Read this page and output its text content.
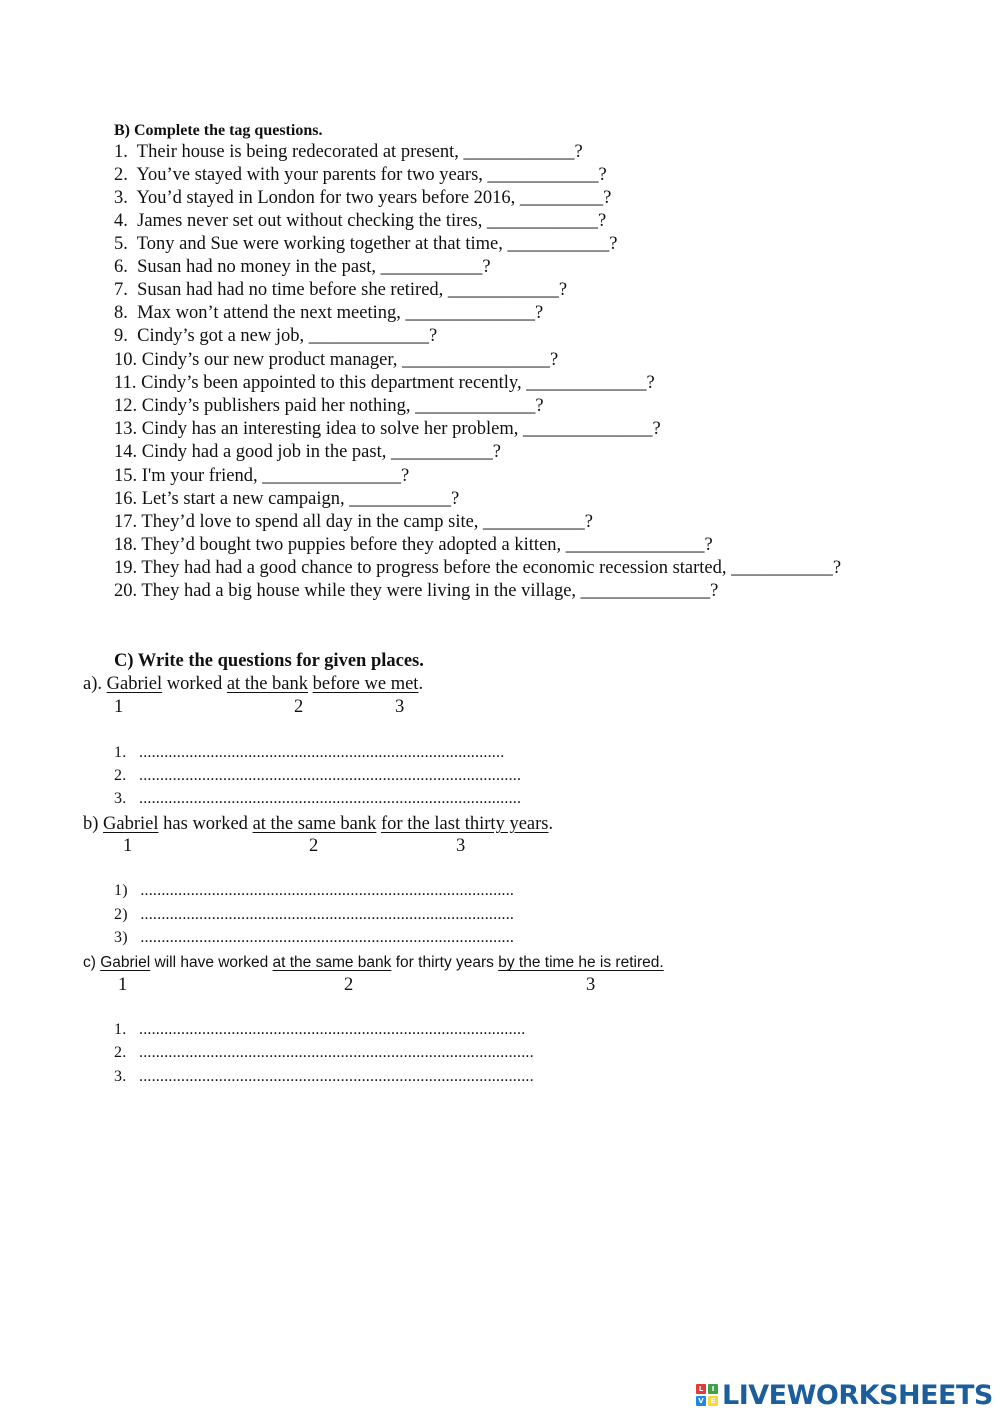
B) Complete the tag questions.
1.  Their house is being redecorated at present, ____________?
2.  You’ve stayed with your parents for two years, ____________?
3.  You’d stayed in London for two years before 2016, _________?
4.  James never set out without checking the tires, ____________?
5.  Tony and Sue were working together at that time, ___________?
6.  Susan had no money in the past, ___________?
7.  Susan had had no time before she retired, ____________?
8.  Max won’t attend the next meeting, ______________?
9.  Cindy’s got a new job, _____________?
10. Cindy’s our new product manager, ________________?
11. Cindy’s been appointed to this department recently, _____________?
12. Cindy’s publishers paid her nothing, _____________?
13. Cindy has an interesting idea to solve her problem, ______________?
14. Cindy had a good job in the past, ___________?
15. I'm your friend, _______________?
16. Let’s start a new campaign, ___________?
17. They’d love to spend all day in the camp site, ___________?
18. They’d bought two puppies before they adopted a kitten, _______________?
19. They had had a good chance to progress before the economic recession started, ___________?
20. They had a big house while they were living in the village, ______________?
C) Write the questions for given places.
a). Gabriel worked at the bank before we met.
1	2	3
1.   .......................................................................................
2.   ...........................................................................................
3.   ...........................................................................................
b) Gabriel has worked at the same bank for the last thirty years.
1	2	3
1)   .........................................................................................
2)   .........................................................................................
3)   .........................................................................................
c) Gabriel will have worked at the same bank for thirty years by the time he is retired.
1	2	3
1.   ............................................................................................
2.   ..............................................................................................
3.   ..............................................................................................
L	I
V E LIVEWORKSHEETS
